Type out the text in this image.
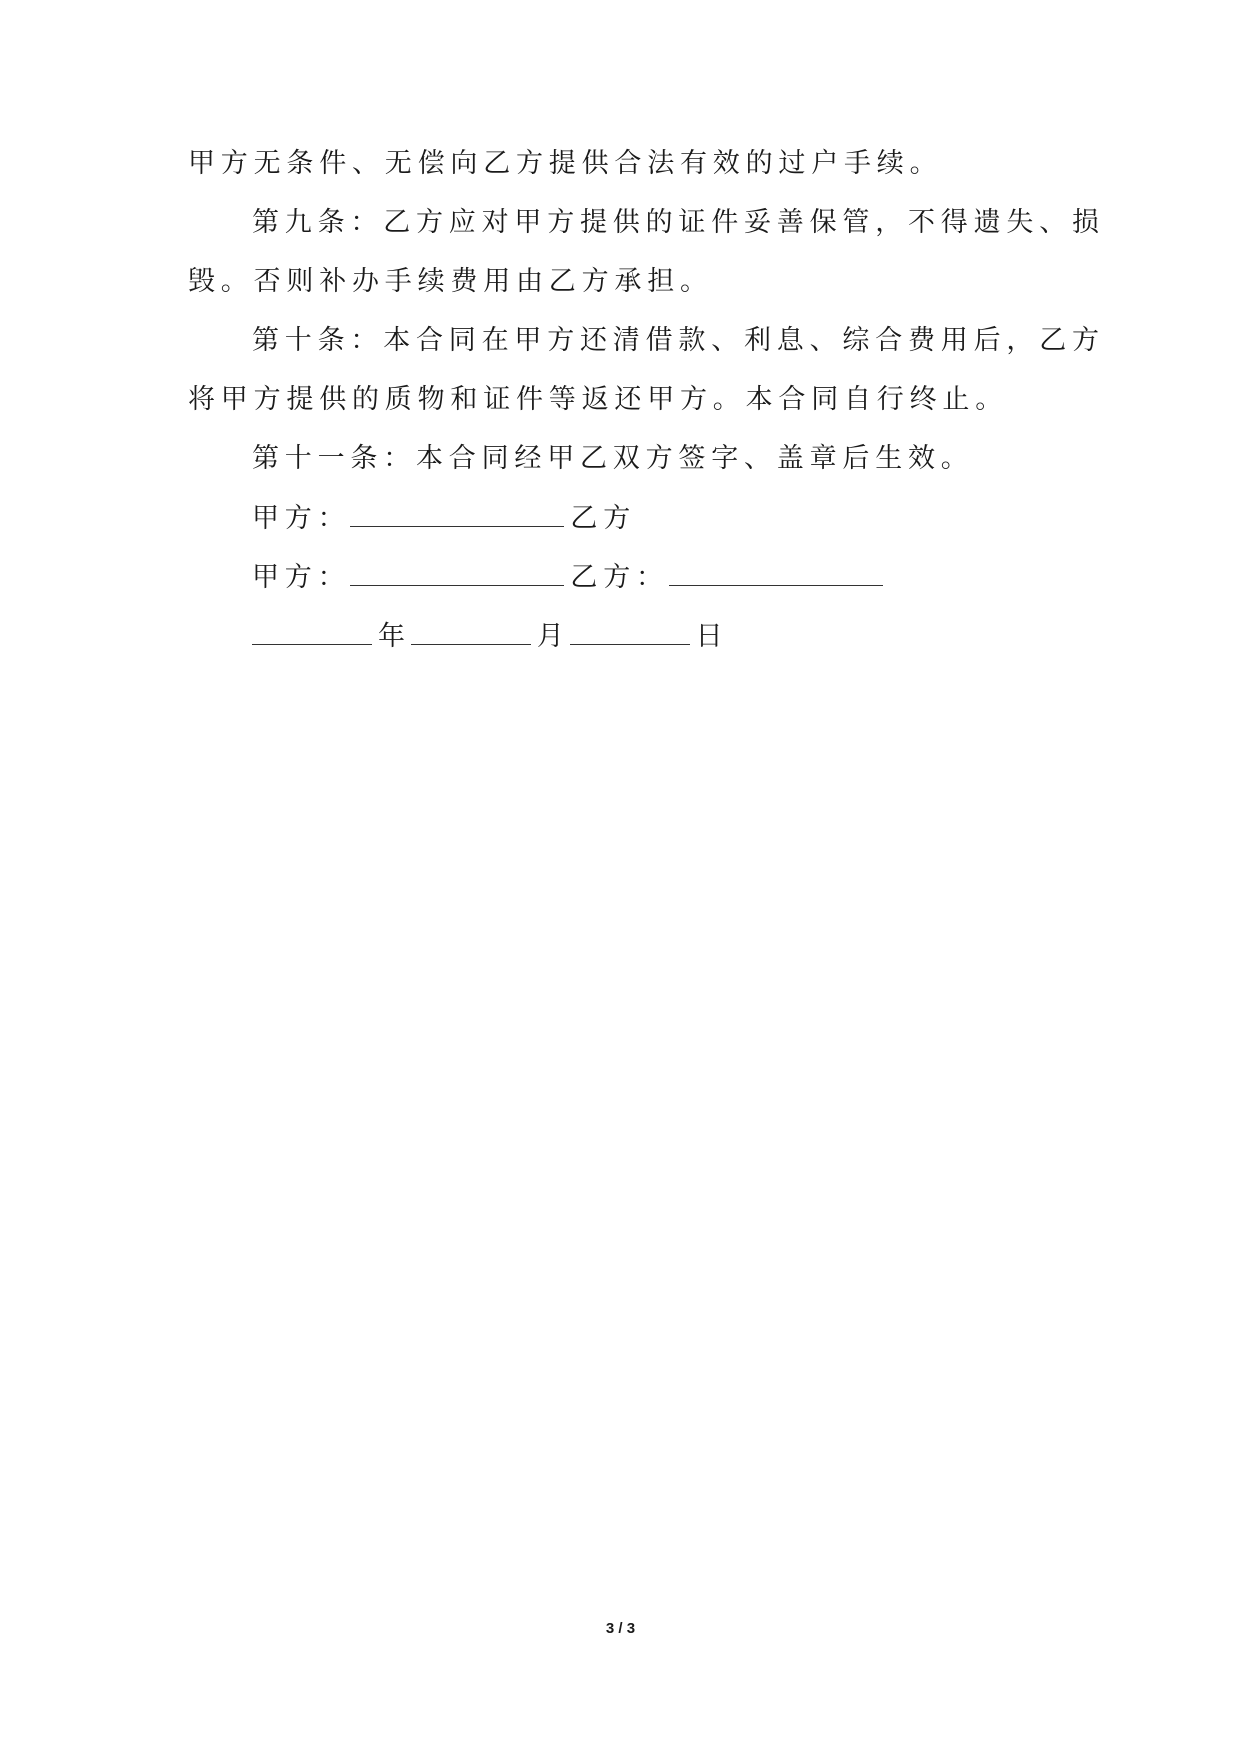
甲方无条件、无偿向乙方提供合法有效的过户手续。
第九条：乙方应对甲方提供的证件妥善保管，不得遗失、损
毁。否则补办手续费用由乙方承担。
第十条：本合同在甲方还清借款、利息、综合费用后，乙方
将甲方提供的质物和证件等返还甲方。本合同自行终止。
第十一条：本合同经甲乙双方签字、盖章后生效。
甲方：	乙方
甲方：	乙方：
年	月	日
3 / 3
